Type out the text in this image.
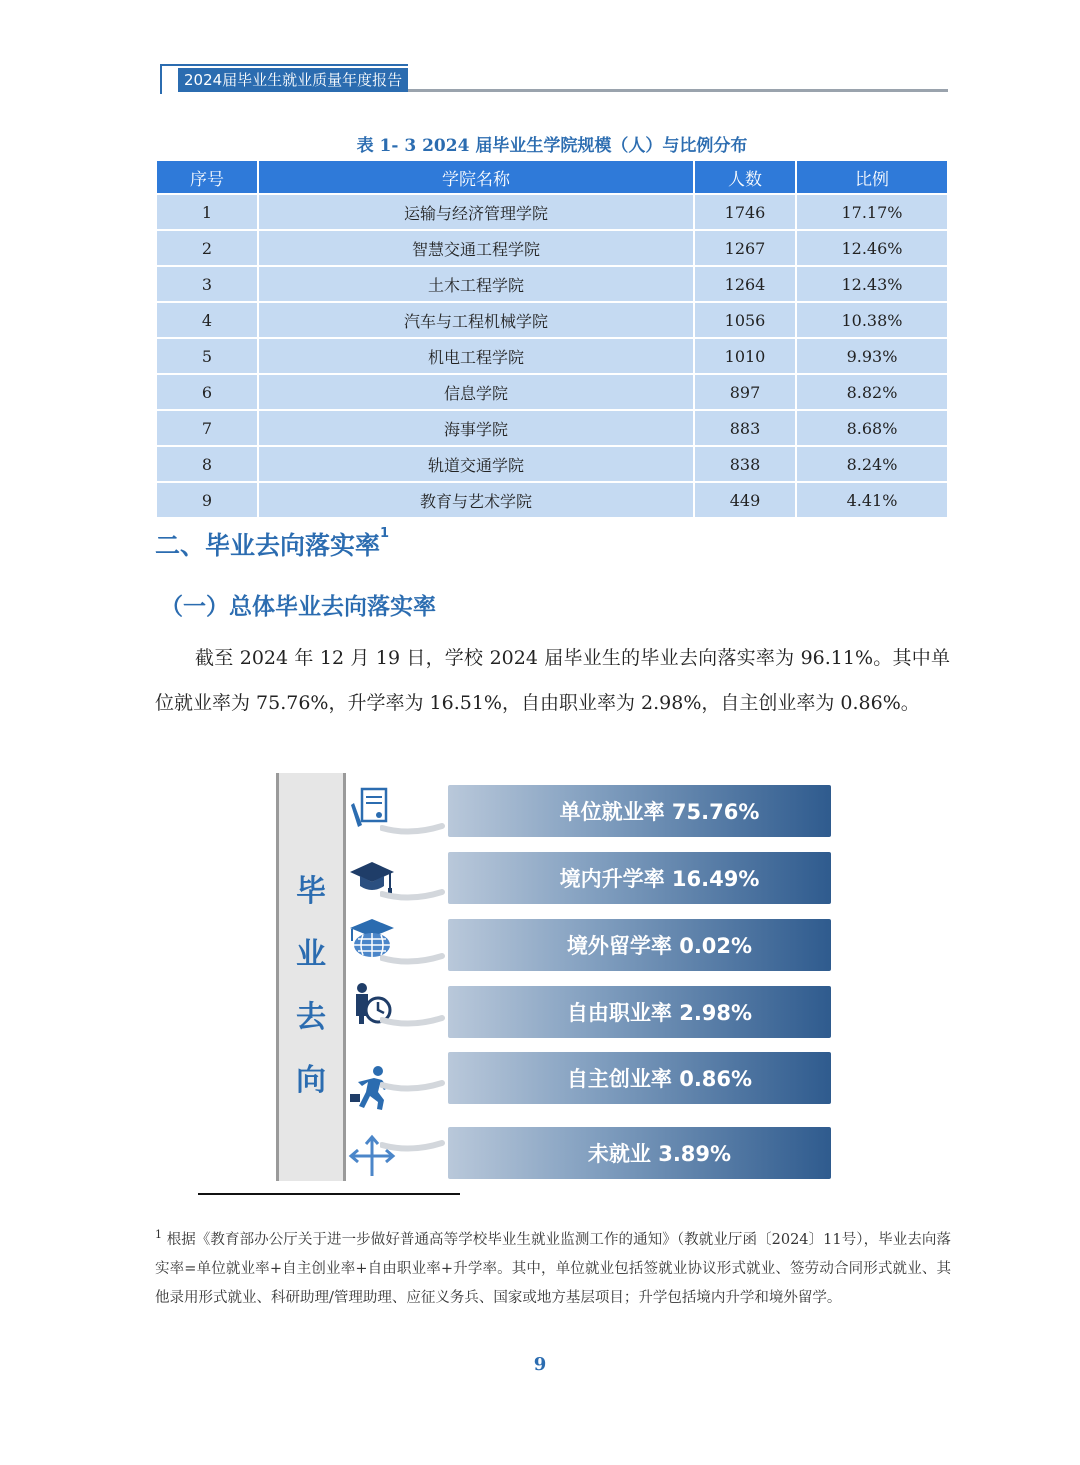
2024届毕业生就业质量年度报告
表 1- 3 2024 届毕业生学院规模（人）与比例分布
序号	学院名称	人数	比例
1	运输与经济管理学院	1746	17.17%
2	智慧交通工程学院	1267	12.46%
3	土木工程学院	1264	12.43%
4	汽车与工程机械学院	1056	10.38%
5	机电工程学院	1010	9.93%
6	信息学院	897	8.82%
7	海事学院	883	8.68%
8	轨道交通学院	838	8.24%
9	教育与艺术学院	449	4.41%
二、毕业去向落实率$^1$
（一）总体毕业去向落实率
截至 2024 年 12 月 19 日，学校 2024 届毕业生的毕业去向落实率为 96.11%。其中单位就业率为 75.76%，升学率为 16.51%，自由职业率为 2.98%，自主创业率为 0.86%。
毕
业
去
向
单位就业率 75.76%
境内升学率 16.49%
境外留学率 0.02%
自由职业率 2.98%
自主创业率 0.86%
未就业 3.89%
$^1$ 根据《教育部办公厅关于进一步做好普通高等学校毕业生就业监测工作的通知》（教就业厅函〔2024〕11号），毕业去向落实率=单位就业率+自主创业率+自由职业率+升学率。其中，单位就业包括签就业协议形式就业、签劳动合同形式就业、其他录用形式就业、科研助理/管理助理、应征义务兵、国家或地方基层项目；升学包括境内升学和境外留学。
9
